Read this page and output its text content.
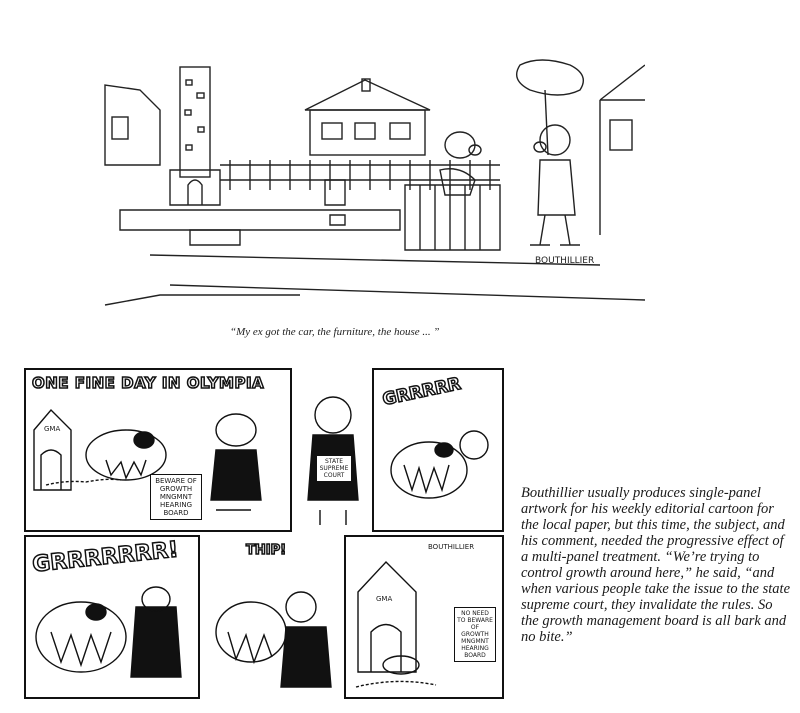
BOUTHILLIER
“My ex got the car, the furniture, the house ... ”
ONE FINE DAY IN OLYMPIA
GMA
BEWARE OF GROWTH MNGMNT HEARING BOARD
STATE SUPREME COURT
GRRRRR
GRRRRRRR!	THIP!
GMA
BOUTHILLIER
NO NEED TO BEWARE OF GROWTH MNGMNT HEARING BOARD
Bouthillier usually produces single-panel artwork for his weekly editorial cartoon for the local paper, but this time, the subject, and his comment, needed the progressive effect of a multi-panel treatment. “We’re trying to control growth around here,” he said, “and when various people take the issue to the state supreme court, they invalidate the rules. So the growth management board is all bark and no bite.”
